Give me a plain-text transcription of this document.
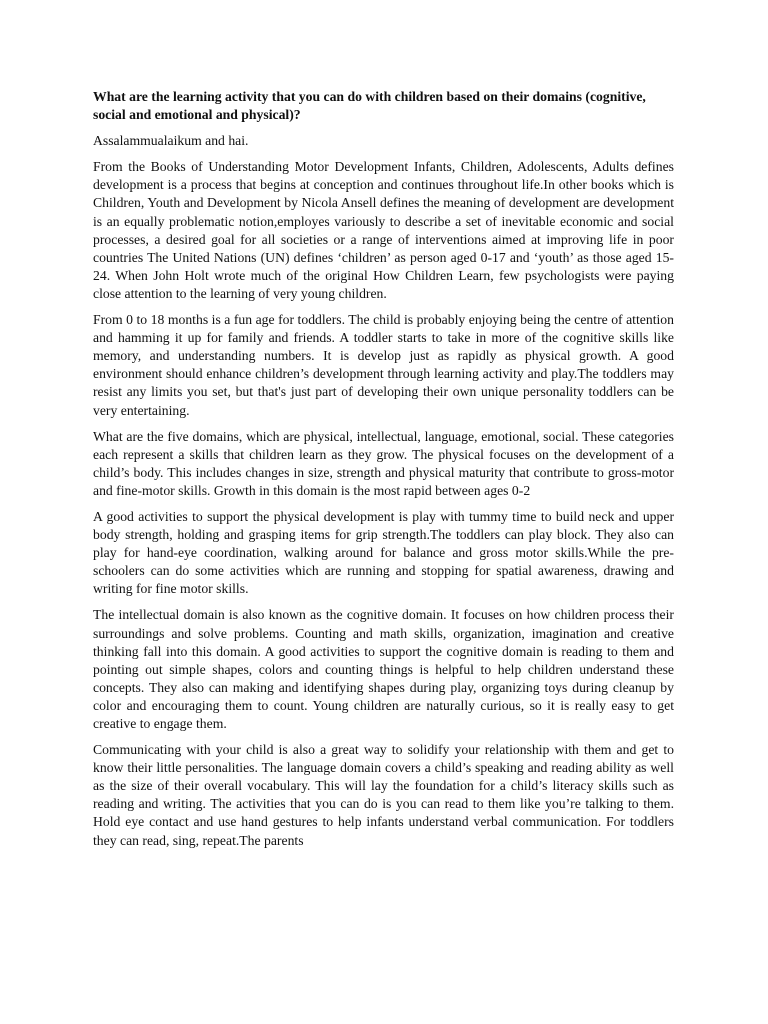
What are the learning activity that you can do with children based on their domains (cognitive, social and emotional and physical)?
Assalammualaikum and hai.
From the Books of Understanding Motor Development Infants, Children, Adolescents, Adults defines development is a process that begins at conception and continues throughout life.In other books which is Children, Youth and Development by Nicola Ansell defines the meaning of development are development is an equally problematic notion,employes variously to describe a set of inevitable economic and social processes, a desired goal for all societies or a range of interventions aimed at improving life in poor countries The United Nations (UN) defines ‘children’ as person aged 0-17 and ‘youth’ as those aged 15-24. When John Holt wrote much of the original How Children Learn, few psychologists were paying close attention to the learning of very young children.
From 0 to 18 months is a fun age for toddlers. The child is probably enjoying being the centre of attention and hamming it up for family and friends. A toddler starts to take in more of the cognitive skills like memory, and understanding numbers. It is develop just as rapidly as physical growth. A good environment should enhance children’s development through learning activity and play.The toddlers may resist any limits you set, but that's just part of developing their own unique personality toddlers can be very entertaining.
What are the five domains, which are physical, intellectual, language, emotional, social. These categories each represent a skills that children learn as they grow. The physical focuses on the development of a child’s body. This includes changes in size, strength and physical maturity that contribute to gross-motor and fine-motor skills. Growth in this domain is the most rapid between ages 0-2
A good activities to support the physical development is play with tummy time to build neck and upper body strength, holding and grasping items for grip strength.The toddlers can play block. They also can play for hand-eye coordination, walking around for balance and gross motor skills.While the pre-schoolers can do some activities which are running and stopping for spatial awareness, drawing and writing for fine motor skills.
The intellectual domain is also known as the cognitive domain. It focuses on how children process their surroundings and solve problems. Counting and math skills, organization, imagination and creative thinking fall into this domain. A good activities to support the cognitive domain is reading to them and pointing out simple shapes, colors and counting things is helpful to help children understand these concepts. They also can making and identifying shapes during play, organizing toys during cleanup by color and encouraging them to count. Young children are naturally curious, so it is really easy to get creative to engage them.
Communicating with your child is also a great way to solidify your relationship with them and get to know their little personalities. The language domain covers a child’s speaking and reading ability as well as the size of their overall vocabulary. This will lay the foundation for a child’s literacy skills such as reading and writing. The activities that you can do is you can read to them like you’re talking to them. Hold eye contact and use hand gestures to help infants understand verbal communication. For toddlers they can read, sing, repeat.The parents
